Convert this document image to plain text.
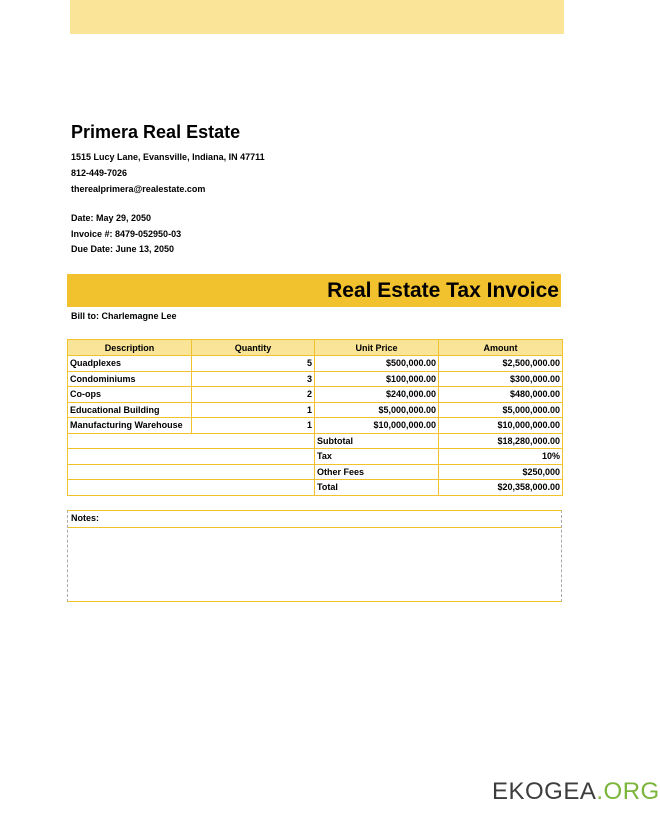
Primera Real Estate
1515 Lucy Lane, Evansville, Indiana, IN 47711
812-449-7026
therealprimera@realestate.com
Date: May 29, 2050
Invoice #: 8479-052950-03
Due Date: June 13, 2050
Real Estate Tax Invoice
Bill to: Charlemagne Lee
Description	Quantity	Unit Price	Amount
Quadplexes	5	$500,000.00	$2,500,000.00
Condominiums	3	$100,000.00	$300,000.00
Co-ops	2	$240,000.00	$480,000.00
Educational Building	1	$5,000,000.00	$5,000,000.00
Manufacturing Warehouse	1	$10,000,000.00	$10,000,000.00
		Subtotal	$18,280,000.00
		Tax	10%
		Other Fees	$250,000
		Total	$20,358,000.00
Notes:
EKOGEA.ORG
